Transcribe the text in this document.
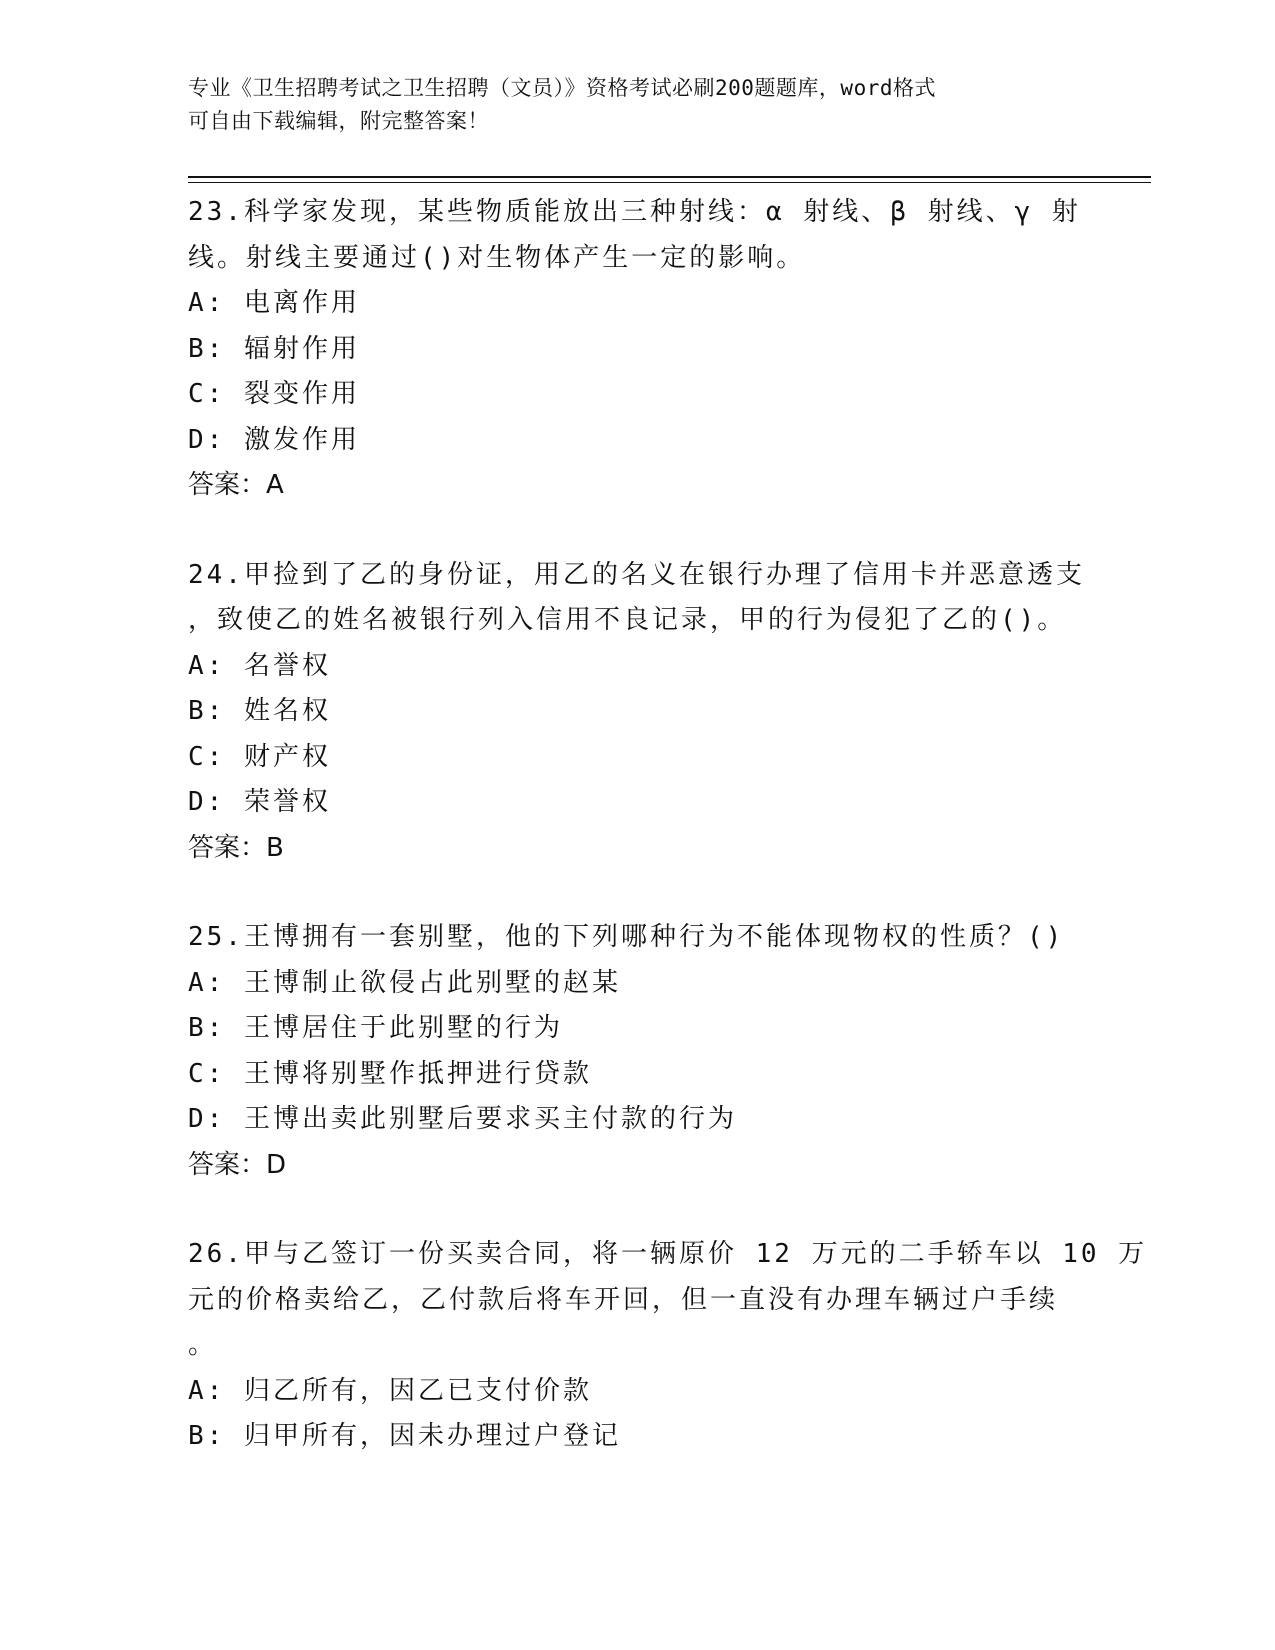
专业《卫生招聘考试之卫生招聘（文员）》资格考试必刷200题题库，word格式
可自由下载编辑，附完整答案！
23.科学家发现，某些物质能放出三种射线：α 射线、β 射线、γ 射
线。射线主要通过()对生物体产生一定的影响。
A: 电离作用
B: 辐射作用
C: 裂变作用
D: 激发作用
答案：A
24.甲捡到了乙的身份证，用乙的名义在银行办理了信用卡并恶意透支
，致使乙的姓名被银行列入信用不良记录，甲的行为侵犯了乙的()。
A: 名誉权
B: 姓名权
C: 财产权
D: 荣誉权
答案：B
25.王博拥有一套别墅，他的下列哪种行为不能体现物权的性质？()
A: 王博制止欲侵占此别墅的赵某
B: 王博居住于此别墅的行为
C: 王博将别墅作抵押进行贷款
D: 王博出卖此别墅后要求买主付款的行为
答案：D
26.甲与乙签订一份买卖合同，将一辆原价 12 万元的二手轿车以 10 万
元的价格卖给乙，乙付款后将车开回，但一直没有办理车辆过户手续
。
A: 归乙所有，因乙已支付价款
B: 归甲所有，因未办理过户登记
